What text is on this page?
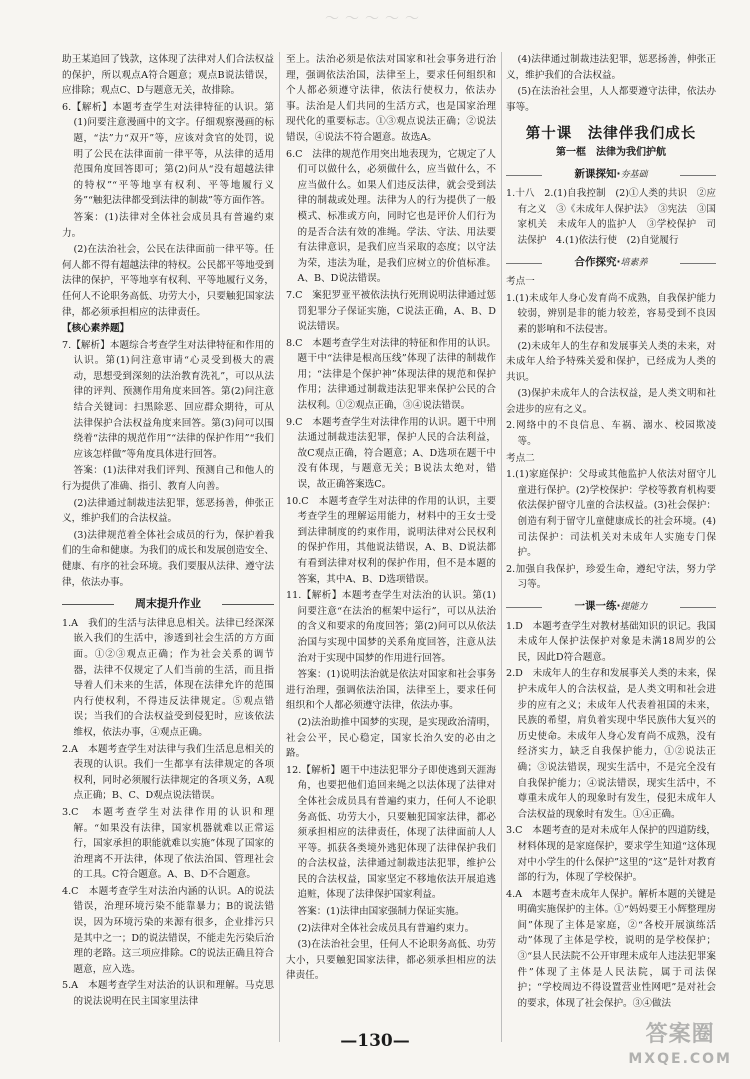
～～～～～
助王某追回了钱款，这体现了法律对人们合法权益的保护，所以观点A符合题意；观点B说法错误，应排除；观点C、D与题意无关，故排除。
6.【解析】本题考查学生对法律特征的认识。第(1)问要注意漫画中的文字。仔细观察漫画的标题，“法”力“双开”等，应该对贪官的处罚，说明了公民在法律面前一律平等，从法律的适用范围角度回答即可；第(2)问从“没有超越法律的特权”“平等地享有权利、平等地履行义务”“触犯法律都受到法律的制裁”等方面作答。
答案：(1)法律对全体社会成员具有普遍约束力。
(2)在法治社会，公民在法律面前一律平等。任何人都不得有超越法律的特权。公民都平等地受到法律的保护，平等地享有权利、平等地履行义务，任何人不论职务高低、功劳大小，只要触犯国家法律，都必须承担相应的法律责任。
【核心素养题】
7.【解析】本题综合考查学生对法律特征和作用的认识。第(1)问注意审请“心灵受到极大的震动，思想受到深刻的法治教育洗礼”，可以从法律的评判、预测作用角度来回答。第(2)问注意结合关键词：扫黑除恶、回应群众期待，可从法律保护合法权益角度来回答。第(3)问可以围绕着“法律的规范作用”“法律的保护作用”“我们应该怎样做”等角度具体进行回答。
答案：(1)法律对我们评判、预测自己和他人的行为提供了准确、指引、教育人向善。
(2)法律通过制裁违法犯罪，惩恶扬善，伸张正义，维护我们的合法权益。
(3)法律规范着全体社会成员的行为，保护着我们的生命和健康。为我们的成长和发展创造安全、健康、有序的社会环境。我们要服从法律、遵守法律，依法办事。
周末提升作业
1.A　我们的生活与法律息息相关。法律已经深深嵌入我们的生活中，渗透到社会生活的方方面面。①②③观点正确；作为社会关系的调节器，法律不仅规定了人们当前的生活，而且指导着人们未来的生活，体现在法律允许的范围内行使权利，不得违反法律规定。⑤观点错误；当我们的合法权益受到侵犯时，应该依法维权，依法办事，④观点正确。
2.A　本题考查学生对法律与我们生活息息相关的表现的认识。我们一生都享有法律规定的各项权利，同时必须履行法律规定的各项义务，A观点正确；B、C、D观点说法错误。
3.C　本题考查学生对法律作用的认识和理解。“如果没有法律，国家机器就难以正常运行，国家承担的职能就难以实施”体现了国家的治理离不开法律，体现了依法治国、管理社会的工具。C符合题意。A、B、D不合题意。
4.C　本题考查学生对法治内涵的认识。A的说法错误，治理环境污染不能靠暴力；B的说法错误，因为环境污染的来源有很多，企业排污只是其中之一；D的说法错误，不能走先污染后治理的老路。这三项应排除。C的说法正确且符合题意，应入选。
5.A　本题考查学生对法治的认识和理解。马克思的说法说明在民主国家里法律
至上。法治必须是依法对国家和社会事务进行治理，强调依法治国，法律至上，要求任何组织和个人都必须遵守法律，依法行使权力，依法办事。法治是人们共同的生活方式，也是国家治理现代化的重要标志。①③观点说法正确；②说法错误，④说法不符合题意。故选A。
6.C　法律的规范作用突出地表现为，它规定了人们可以做什么，必须做什么，应当做什么，不应当做什么。如果人们违反法律，就会受到法律的制裁或处理。法律为人的行为提供了一般模式、标准或方向，同时它也是评价人们行为的是否合法有效的准绳。学法、守法、用法要有法律意识，是我们应当采取的态度；以守法为荣，违法为耻，是我们应树立的价值标准。A、B、D说法错误。
7.C　案犯罗亚平被依法执行死刑说明法律通过惩罚犯罪分子保证实施，C说法正确，A、B、D说法错误。
8.C　本题考查学生对法律的特征和作用的认识。题干中“法律是根高压线”体现了法律的制裁作用；“法律是个保护神”体现法律的规范和保护作用；法律通过制裁违法犯罪来保护公民的合法权利。①②观点正确，③④说法错误。
9.C　本题考查学生对法律作用的认识。题干中刑法通过制裁违法犯罪，保护人民的合法利益，故C观点正确，符合题意；A、D选项在题干中没有体现，与题意无关；B说法太绝对，错误，故正确答案选C。
10.C　本题考查学生对法律的作用的认识，主要考查学生的理解运用能力，材料中的王女士受到法律制度的约束作用，说明法律对公民权利的保护作用，其他说法错误，A、B、D说法都有看到法律对权利的保护作用，但不是本题的答案，其中A、B、D选项错误。
11.【解析】本题考查学生对法治的认识。第(1)问要注意“在法治的框架中运行”，可以从法治的含义和要求的角度回答；第(2)问可以从依法治国与实现中国梦的关系角度回答，注意从法治对于实现中国梦的作用进行回答。
答案：(1)说明法治就是依法对国家和社会事务进行治理，强调依法治国，法律至上，要求任何组织和个人都必须遵守法律，依法办事。
(2)法治助推中国梦的实现，是实现政治清明，社会公平，民心稳定，国家长治久安的必由之路。
12.【解析】题干中违法犯罪分子即使逃到天涯海角，也要把他们追回来绳之以法体现了法律对全体社会成员具有普遍约束力，任何人不论职务高低、功劳大小，只要触犯国家法律，都必须承担相应的法律责任，体现了法律面前人人平等。抓获各类境外逃犯体现了法律保护我们的合法权益，法律通过制裁违法犯罪，维护公民的合法权益，国家坚定不移地依法开展追逃追赃，体现了法律保护国家利益。
答案：(1)法律由国家强制力保证实施。
(2)法律对全体社会成员具有普遍约束力。
(3)在法治社会里，任何人不论职务高低、功劳大小，只要触犯国家法律，都必须承担相应的法律责任。
(4)法律通过制裁违法犯罪，惩恶扬善，伸张正义，维护我们的合法权益。
(5)在法治社会里，人人都要遵守法律，依法办事等。
第十课　法律伴我们成长
第一框　法律为我们护航
新课探知·夯基础
1.十八　2.(1)自我控制　(2)①人类的共识　②应有之义　③《未成年人保护法》　③宪法　③国家机关　未成年人的监护人　③学校保护　司法保护　4.(1)依法行使　(2)自觉履行
合作探究·培素养
考点一
1.(1)未成年人身心发育尚不成熟，自我保护能力较弱，辨别是非的能力较差，容易受到不良因素的影响和不法侵害。
(2)未成年人的生存和发展事关人类的未来，对未成年人给予特殊关爱和保护，已经成为人类的共识。
(3)保护未成年人的合法权益，是人类文明和社会进步的应有之义。
2.网络中的不良信息、车祸、溺水、校园欺凌等。
考点二
1.(1)家庭保护：父母或其他监护人依法对留守儿童进行保护。(2)学校保护：学校等教育机构要依法保护留守儿童的合法权益。(3)社会保护：创造有利于留守儿童健康成长的社会环境。(4)司法保护：司法机关对未成年人实施专门保护。
2.加强自我保护，珍爱生命，遵纪守法，努力学习等。
一课一练·提能力
1.D　本题考查学生对教材基础知识的识记。我国未成年人保护法保护对象是未满18周岁的公民，因此D符合题意。
2.D　未成年人的生存和发展事关人类的未来，保护未成年人的合法权益，是人类文明和社会进步的应有之义；未成年人代表着祖国的未来，民族的希望，肩负着实现中华民族伟大复兴的历史使命。未成年人身心发育尚不成熟，没有经济实力，缺乏自我保护能力，①②说法正确；③说法错误，现实生活中，不是完全没有自我保护能力；④说法错误，现实生活中，不尊重未成年人的现象时有发生，侵犯未成年人合法权益的现象时有发生。①④正确。
3.C　本题考查的是对未成年人保护的四道防线，材料体现的是家庭保护，要求学生知道“这体现对中小学生的什么保护”这里的“这”是针对教育部的行为，体现了学校保护。
4.A　本题考查未成年人保护。解析本题的关键是明确实施保护的主体。①“妈妈要王小辉整理房间”体现了主体是家庭，②“各校开展演练活动”体现了主体是学校，说明的是学校保护；③“县人民法院不公开审理未成年人违法犯罪案件”体现了主体是人民法院，属于司法保护；“学校周边不得设置营业性网吧”是对社会的要求，体现了社会保护。③④做法
—130—	答案圈
MXQE.COM
